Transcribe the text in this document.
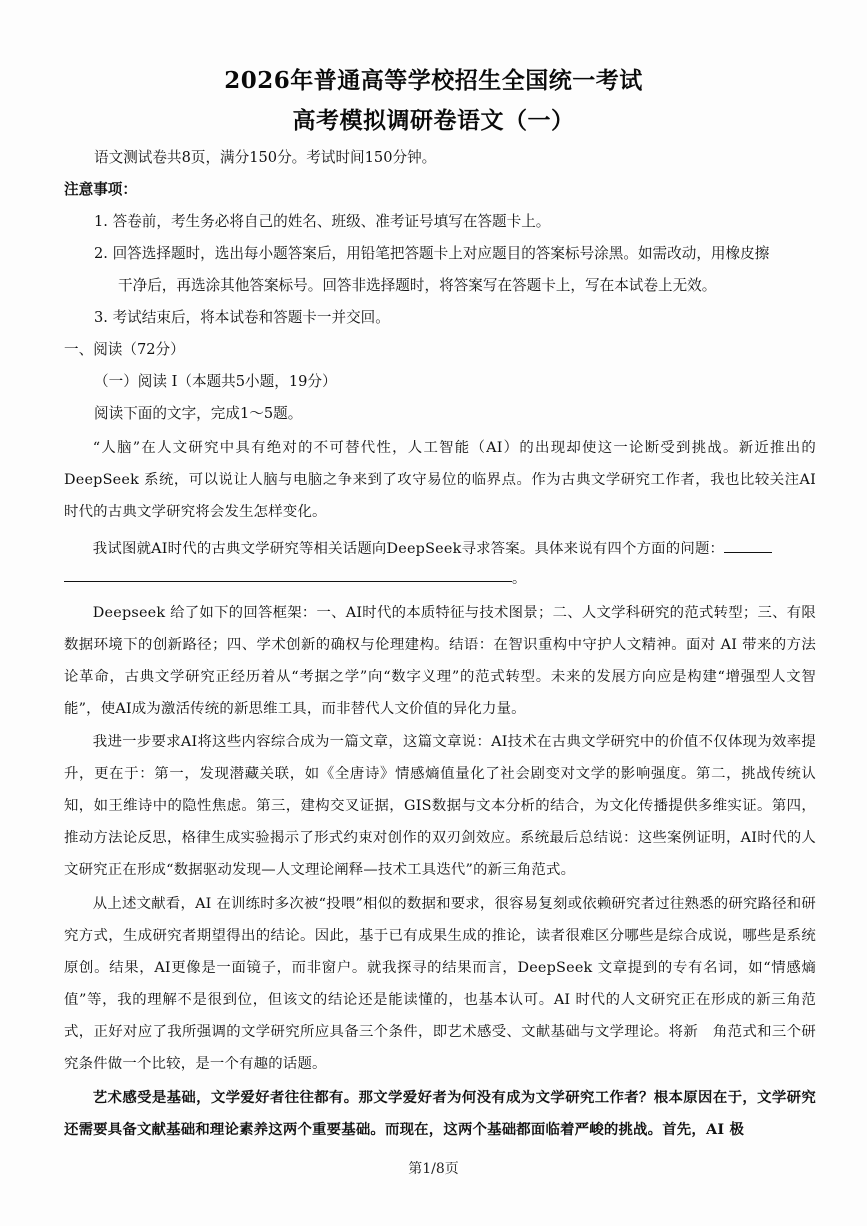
2026年普通高等学校招生全国统一考试
高考模拟调研卷语文（一）
语文测试卷共8页，满分150分。考试时间150分钟。
注意事项：
1. 答卷前，考生务必将自己的姓名、班级、准考证号填写在答题卡上。
2. 回答选择题时，选出每小题答案后，用铅笔把答题卡上对应题目的答案标号涂黑。如需改动，用橡皮擦
干净后，再选涂其他答案标号。回答非选择题时，将答案写在答题卡上，写在本试卷上无效。
3. 考试结束后，将本试卷和答题卡一并交回。
一、阅读（72分）
（一）阅读 I（本题共5小题，19分）
阅读下面的文字，完成1～5题。
“人脑”在人文研究中具有绝对的不可替代性，人工智能（AI）的出现却使这一论断受到挑战。新近推出的DeepSeek 系统，可以说让人脑与电脑之争来到了攻守易位的临界点。作为古典文学研究工作者，我也比较关注AI时代的古典文学研究将会发生怎样变化。
我试图就AI时代的古典文学研究等相关话题向DeepSeek寻求答案。具体来说有四个方面的问题：
。
Deepseek 给了如下的回答框架：一、AI时代的本质特征与技术图景；二、人文学科研究的范式转型；三、有限数据环境下的创新路径；四、学术创新的确权与伦理建构。结语：在智识重构中守护人文精神。面对 AI 带来的方法论革命，古典文学研究正经历着从“考据之学”向“数字义理”的范式转型。未来的发展方向应是构建“增强型人文智能”，使AI成为激活传统的新思维工具，而非替代人文价值的异化力量。
我进一步要求AI将这些内容综合成为一篇文章，这篇文章说：AI技术在古典文学研究中的价值不仅体现为效率提升，更在于：第一，发现潜藏关联，如《全唐诗》情感熵值量化了社会剧变对文学的影响强度。第二，挑战传统认知，如王维诗中的隐性焦虑。第三，建构交叉证据，GIS数据与文本分析的结合，为文化传播提供多维实证。第四，推动方法论反思，格律生成实验揭示了形式约束对创作的双刃剑效应。系统最后总结说：这些案例证明，AI时代的人文研究正在形成“数据驱动发现—人文理论阐释—技术工具迭代”的新三角范式。
从上述文献看，AI 在训练时多次被“投喂”相似的数据和要求，很容易复刻或依赖研究者过往熟悉的研究路径和研究方式，生成研究者期望得出的结论。因此，基于已有成果生成的推论，读者很难区分哪些是综合成说，哪些是系统原创。结果，AI更像是一面镜子，而非窗户。就我探寻的结果而言，DeepSeek 文章提到的专有名词，如“情感熵值”等，我的理解不是很到位，但该文的结论还是能读懂的，也基本认可。AI 时代的人文研究正在形成的新三角范式，正好对应了我所强调的文学研究所应具备三个条件，即艺术感受、文献基础与文学理论。将新　角范式和三个研究条件做一个比较，是一个有趣的话题。
艺术感受是基础，文学爱好者往往都有。那文学爱好者为何没有成为文学研究工作者？根本原因在于，文学研究还需要具备文献基础和理论素养这两个重要基础。而现在，这两个基础都面临着严峻的挑战。首先，AI 极
第1/8页
